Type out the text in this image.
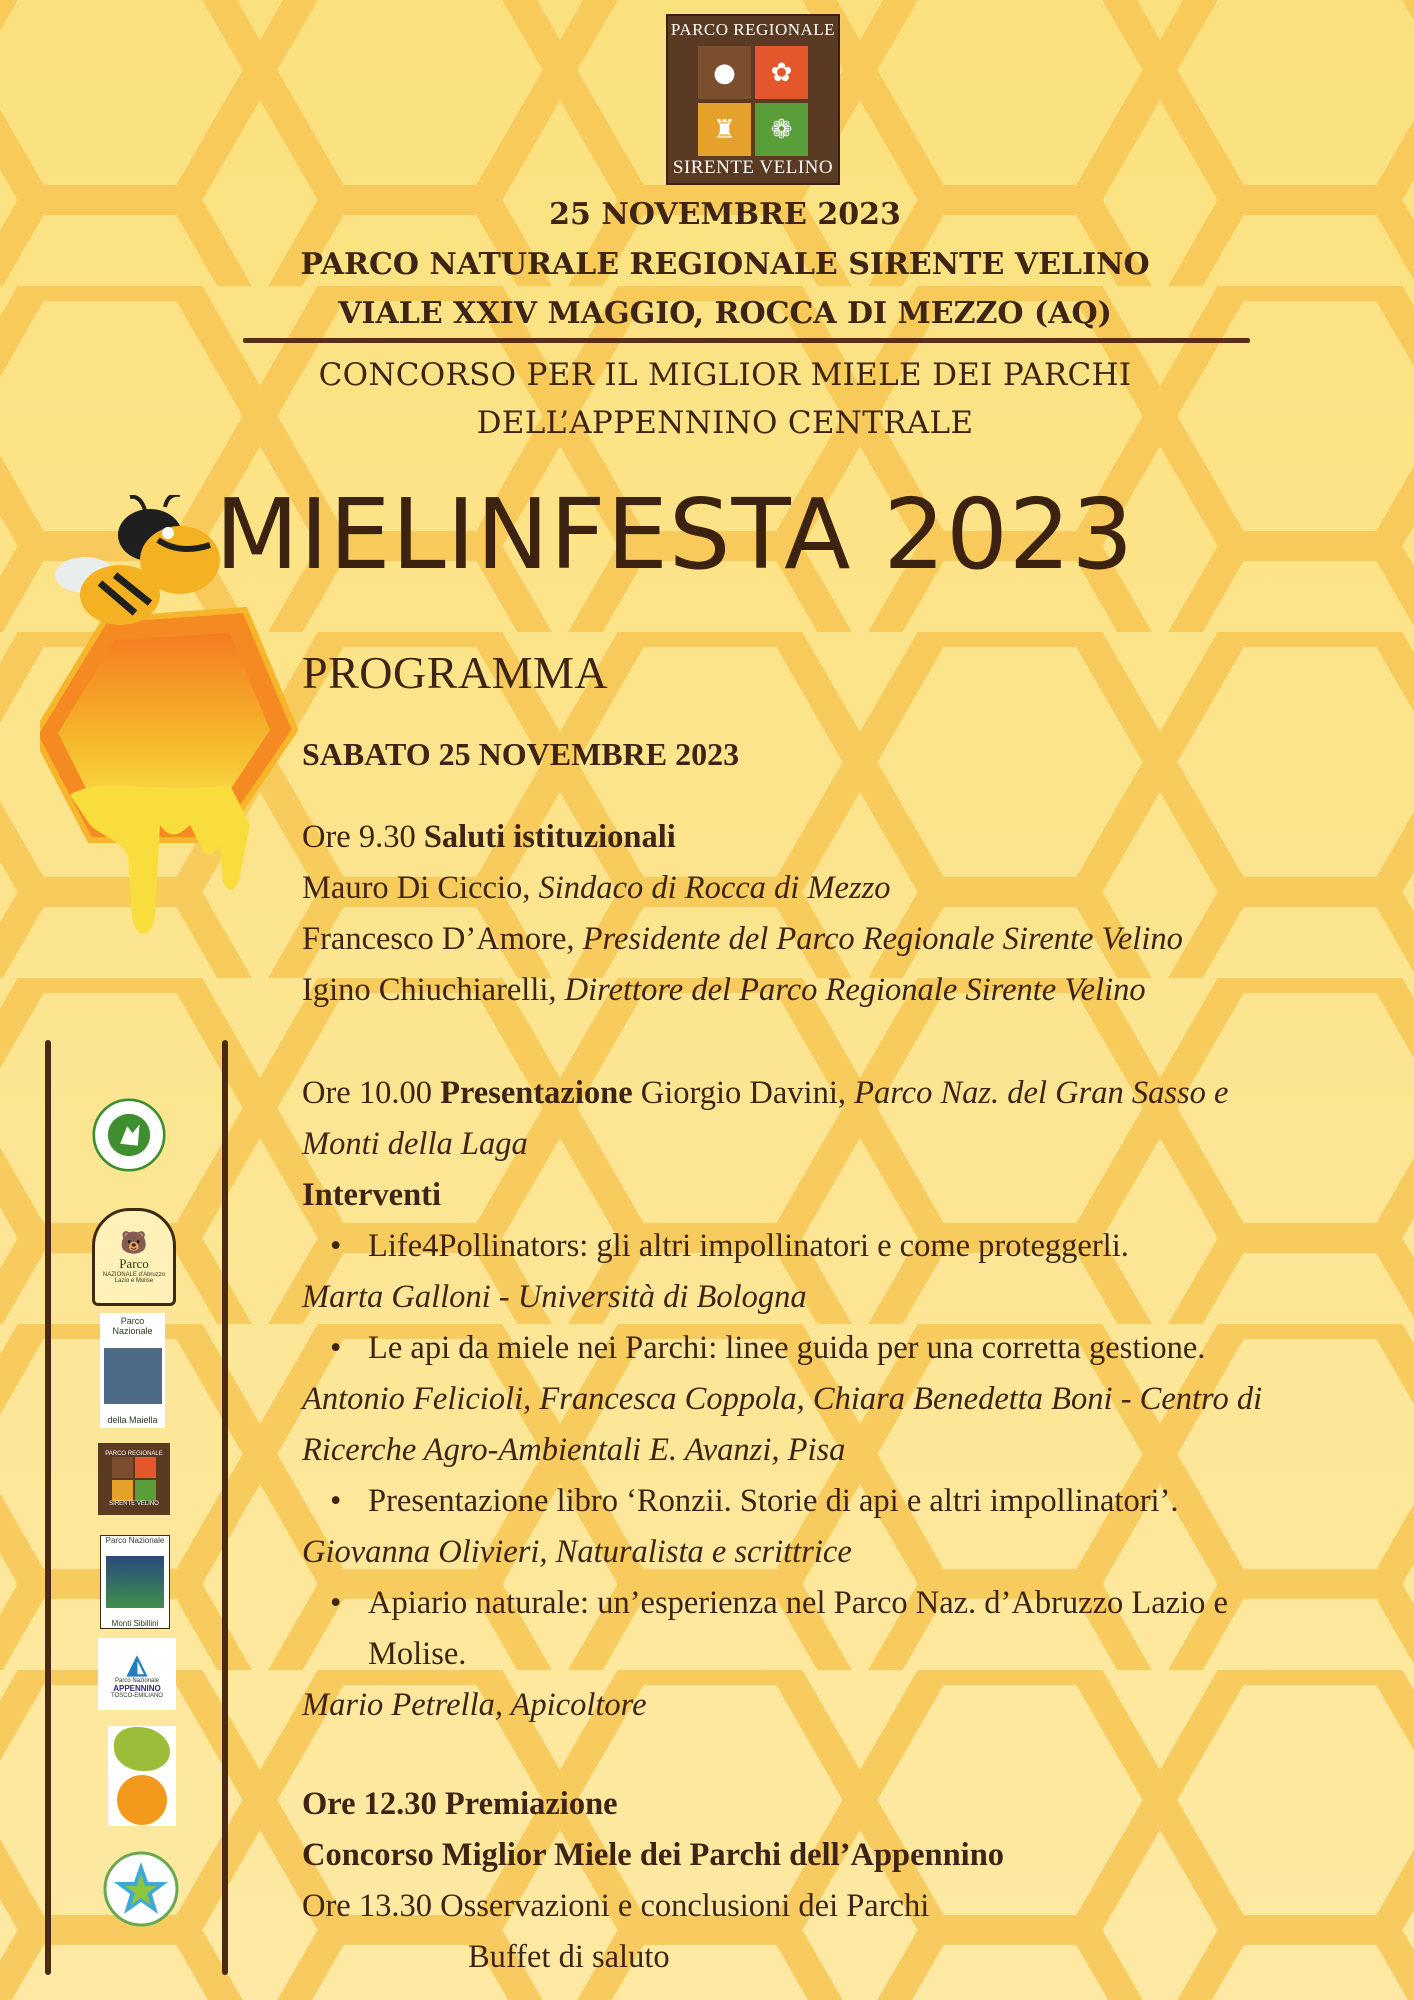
PARCO REGIONALE
●	✿
♜	❁
SIRENTE VELINO
25 NOVEMBRE 2023
PARCO NATURALE REGIONALE SIRENTE VELINO
VIALE XXIV MAGGIO, ROCCA DI MEZZO (AQ)
CONCORSO PER IL MIGLIOR MIELE DEI PARCHI
DELL’APPENNINO CENTRALE
MIELINFESTA 2023
PROGRAMMA
SABATO 25 NOVEMBRE 2023
Ore 9.30 Saluti istituzionali
Mauro Di Ciccio, Sindaco di Rocca di Mezzo
Francesco D’Amore, Presidente del Parco Regionale Sirente Velino
Igino Chiuchiarelli, Direttore del Parco Regionale Sirente Velino
Ore 10.00 Presentazione Giorgio Davini, Parco Naz. del Gran Sasso e
Monti della Laga
Interventi
• Life4Pollinators: gli altri impollinatori e come proteggerli.
Marta Galloni - Università di Bologna
• Le api da miele nei Parchi: linee guida per una corretta gestione.
Antonio Felicioli, Francesca Coppola, Chiara Benedetta Boni - Centro di
Ricerche Agro-Ambientali E. Avanzi, Pisa
• Presentazione libro ‘Ronzii. Storie di api e altri impollinatori’.
Giovanna Olivieri, Naturalista e scrittrice
• Apiario naturale: un’esperienza nel Parco Naz. d’Abruzzo Lazio e
Molise.
Mario Petrella, Apicoltore
Ore 12.30 Premiazione
Concorso Miglior Miele dei Parchi dell’Appennino
Ore 13.30 Osservazioni e conclusioni dei Parchi
Buffet di saluto
🐻
Parco
NAZIONALE d'Abruzzo
Lazio e Molise
Parco Nazionale
della Maiella
PARCO REGIONALE
SIRENTE VELINO
Parco Nazionale
Monti Sibillini
◭
Parco Nazionale
APPENNINO
TOSCO-EMILIANO
